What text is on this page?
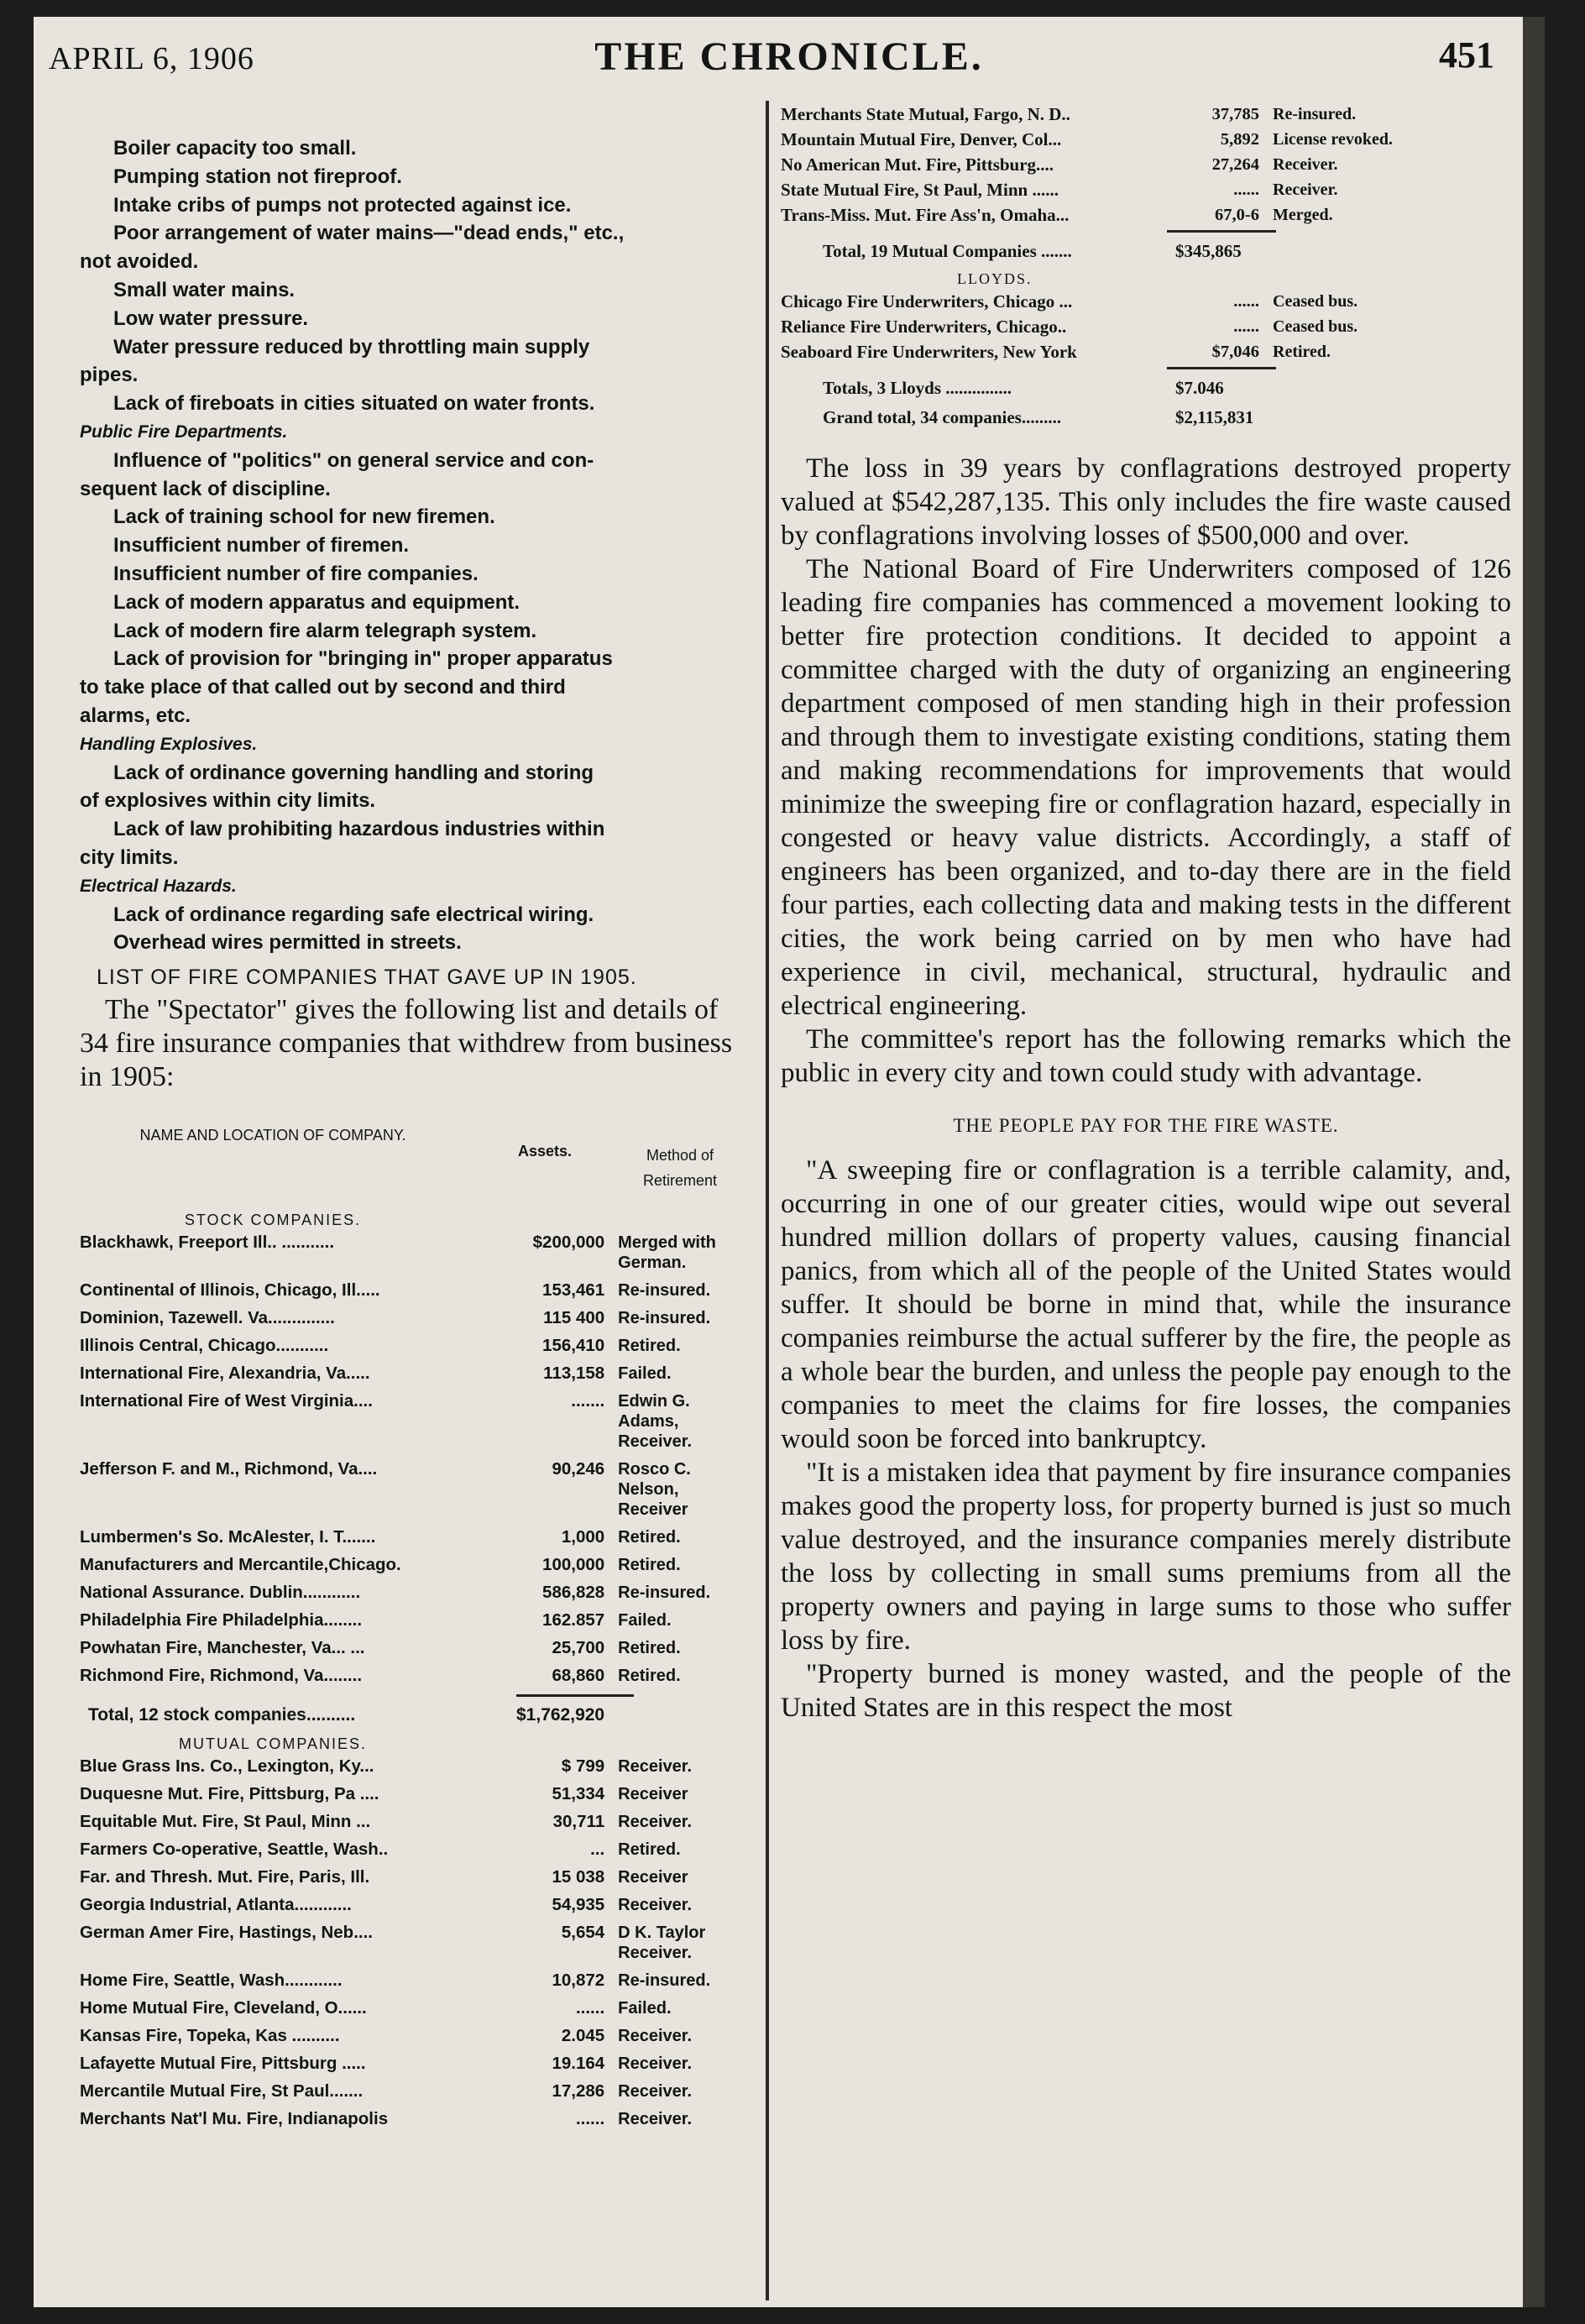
APRIL 6, 1906	THE CHRONICLE.	451

Boiler capacity too small.

Pumping station not fireproof.

Intake cribs of pumps not protected against ice.

Poor arrangement of water mains—"dead ends," etc.,

not avoided.

Small water mains.

Low water pressure.

Water pressure reduced by throttling main supply

pipes.

Lack of fireboats in cities situated on water fronts.

Public Fire Departments.

Influence of "politics" on general service and con-

sequent lack of discipline.

Lack of training school for new firemen.

Insufficient number of firemen.

Insufficient number of fire companies.

Lack of modern apparatus and equipment.

Lack of modern fire alarm telegraph system.

Lack of provision for "bringing in" proper apparatus

to take place of that called out by second and third

alarms, etc.

Handling Explosives.

Lack of ordinance governing handling and storing

of explosives within city limits.

Lack of law prohibiting hazardous industries within

city limits.

Electrical Hazards.

Lack of ordinance regarding safe electrical wiring.

Overhead wires permitted in streets.

LIST OF FIRE COMPANIES THAT GAVE UP IN 1905.

The "Spectator" gives the following list and details of 34 fire insurance companies that withdrew from business in 1905:

NAME AND LOCATION OF COMPANY.
Assets.	Method of Retirement
STOCK COMPANIES.
Blackhawk, Freeport Ill.. ...........	$200,000 Merged with German.
Continental of Illinois, Chicago, Ill.....	153,461 Re-insured.
Dominion, Tazewell. Va..............	115 400 Re-insured.
Illinois Central, Chicago...........	156,410 Retired.
International Fire, Alexandria, Va.....	113,158 Failed.
International Fire of West Virginia....	....... Edwin G. Adams, Receiver.
Jefferson F. and M., Richmond, Va....	90,246 Rosco C. Nelson, Receiver
Lumbermen's So. McAlester, I. T.......	1,000 Retired.
Manufacturers and Mercantile,Chicago.	100,000 Retired.
National Assurance. Dublin............	586,828 Re-insured.
Philadelphia Fire Philadelphia........	162.857 Failed.
Powhatan Fire, Manchester, Va... ...	25,700 Retired.
Richmond Fire, Richmond, Va........	68,860 Retired.
Total, 12 stock companies..........	$1,762,920
MUTUAL COMPANIES.
Blue Grass Ins. Co., Lexington, Ky...	$ 799 Receiver.
Duquesne Mut. Fire, Pittsburg, Pa ....	51,334 Receiver
Equitable Mut. Fire, St Paul, Minn ...	30,711 Receiver.
Farmers Co-operative, Seattle, Wash..	... Retired.
Far. and Thresh. Mut. Fire, Paris, Ill.	15 038 Receiver
Georgia Industrial, Atlanta............	54,935 Receiver.
German Amer Fire, Hastings, Neb....	5,654 D K. Taylor Receiver.
Home Fire, Seattle, Wash............	10,872 Re-insured.
Home Mutual Fire, Cleveland, O......	...... Failed.
Kansas Fire, Topeka, Kas ..........	2.045 Receiver.
Lafayette Mutual Fire, Pittsburg .....	19.164 Receiver.
Mercantile Mutual Fire, St Paul.......	17,286 Receiver.
Merchants Nat'l Mu. Fire, Indianapolis	...... Receiver.
Merchants State Mutual, Fargo, N. D..	37,785 Re-insured.
Mountain Mutual Fire, Denver, Col...	5,892 License revoked.
No American Mut. Fire, Pittsburg....	27,264 Receiver.
State Mutual Fire, St Paul, Minn ......	...... Receiver.
Trans-Miss. Mut. Fire Ass'n, Omaha...	67,0-6 Merged.
Total, 19 Mutual Companies .......	$345,865
LLOYDS.
Chicago Fire Underwriters, Chicago ...	...... Ceased bus.
Reliance Fire Underwriters, Chicago..	...... Ceased bus.
Seaboard Fire Underwriters, New York	$7,046 Retired.
Totals, 3 Lloyds ...............	$7.046
Grand total, 34 companies.........	$2,115,831

The loss in 39 years by conflagrations destroyed property valued at $542,287,135. This only includes the fire waste caused by conflagrations involving losses of $500,000 and over.

The National Board of Fire Underwriters composed of 126 leading fire companies has commenced a movement looking to better fire protection conditions. It decided to appoint a committee charged with the duty of organizing an engineering department composed of men standing high in their profession and through them to investigate existing conditions, stating them and making recommendations for improvements that would minimize the sweeping fire or conflagration hazard, especially in congested or heavy value districts. Accordingly, a staff of engineers has been organized, and to-day there are in the field four parties, each collecting data and making tests in the different cities, the work being carried on by men who have had experience in civil, mechanical, structural, hydraulic and electrical engineering.

The committee's report has the following remarks which the public in every city and town could study with advantage.

THE PEOPLE PAY FOR THE FIRE WASTE.

"A sweeping fire or conflagration is a terrible calamity, and, occurring in one of our greater cities, would wipe out several hundred million dollars of property values, causing financial panics, from which all of the people of the United States would suffer. It should be borne in mind that, while the insurance companies reimburse the actual sufferer by the fire, the people as a whole bear the burden, and unless the people pay enough to the companies to meet the claims for fire losses, the companies would soon be forced into bankruptcy.

"It is a mistaken idea that payment by fire insurance companies makes good the property loss, for property burned is just so much value destroyed, and the insurance companies merely distribute the loss by collecting in small sums premiums from all the property owners and paying in large sums to those who suffer loss by fire.

"Property burned is money wasted, and the people of the United States are in this respect the most
